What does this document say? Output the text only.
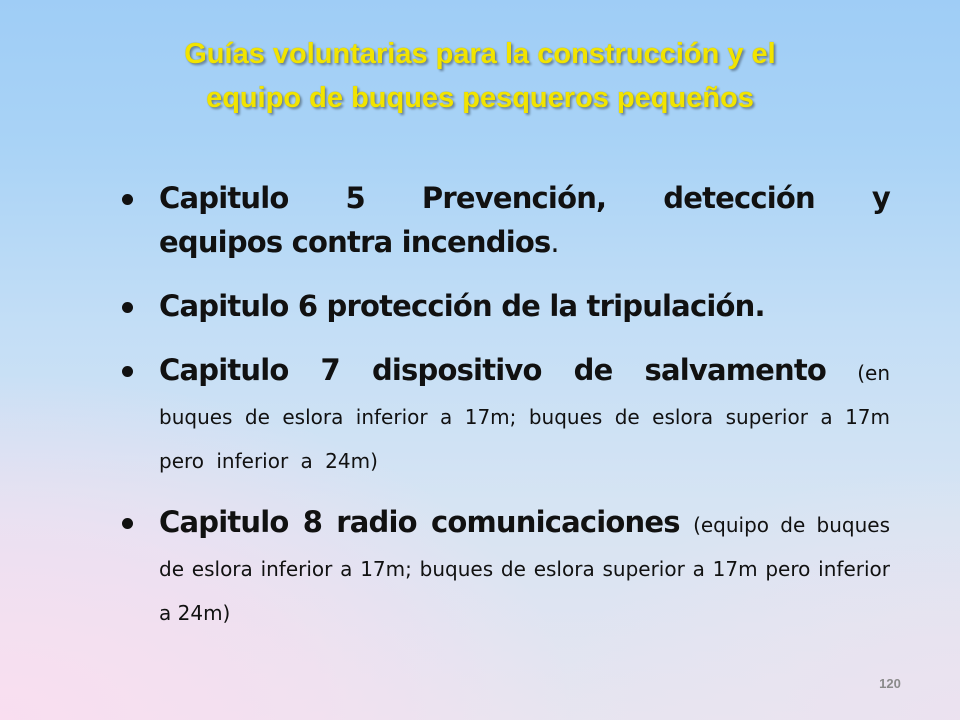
Guías voluntarias para la construcción y el
equipo de buques pesqueros pequeños
Capitulo 5 Prevención, detección y
equipos contra incendios.
Capitulo 6 protección de la tripulación.
Capitulo 7 dispositivo de salvamento (en buques de eslora inferior a 17m; buques de eslora superior a 17m pero inferior a 24m)
Capitulo 8 radio comunicaciones (equipo de buques de eslora inferior a 17m; buques de eslora superior a 17m pero inferior a 24m)
120
